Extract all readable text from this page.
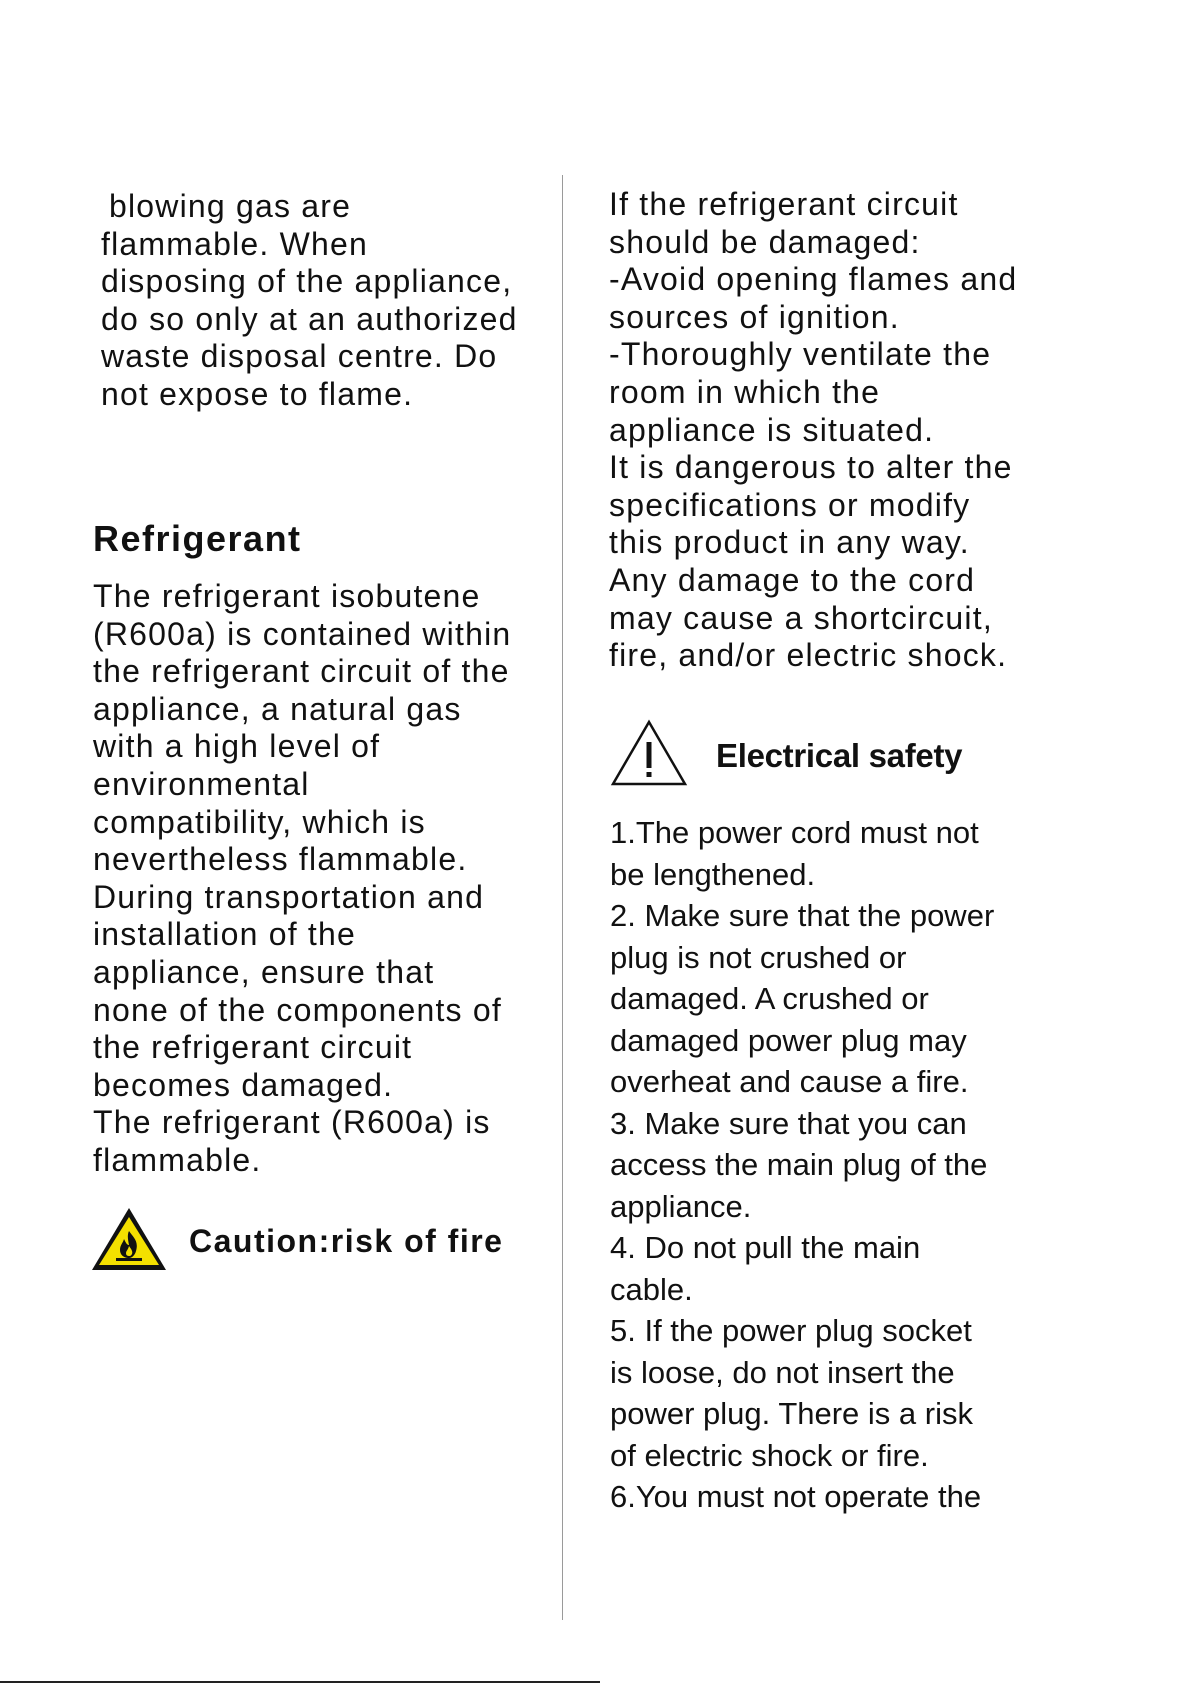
blowing gas are
flammable. When
disposing of the appliance,
do so only at an authorized
waste disposal centre. Do
not expose to flame.
Refrigerant
The refrigerant isobutene
(R600a) is contained within
the refrigerant circuit of the
appliance, a natural gas
with a high level of
environmental
compatibility, which is
nevertheless flammable.
During transportation and
installation of the
appliance, ensure that
none of the components of
the refrigerant circuit
becomes damaged.
The refrigerant (R600a) is
flammable.
Caution:risk of fire
If the refrigerant circuit
should be damaged:
-Avoid opening flames and
sources of ignition.
-Thoroughly ventilate the
room in which the
appliance is situated.
It is dangerous to alter the
specifications or modify
this product in any way.
Any damage to the cord
may cause a shortcircuit,
fire, and/or electric shock.
Electrical safety
1.The power cord must not
be lengthened.
2. Make sure that the power
plug is not crushed or
damaged. A crushed or
damaged power plug may
overheat and cause a fire.
3. Make sure that you can
access the main plug of the
appliance.
4. Do not pull the main
cable.
5. If the power plug socket
is loose, do not insert the
power plug. There is a risk
of electric shock or fire.
6.You must not operate the
